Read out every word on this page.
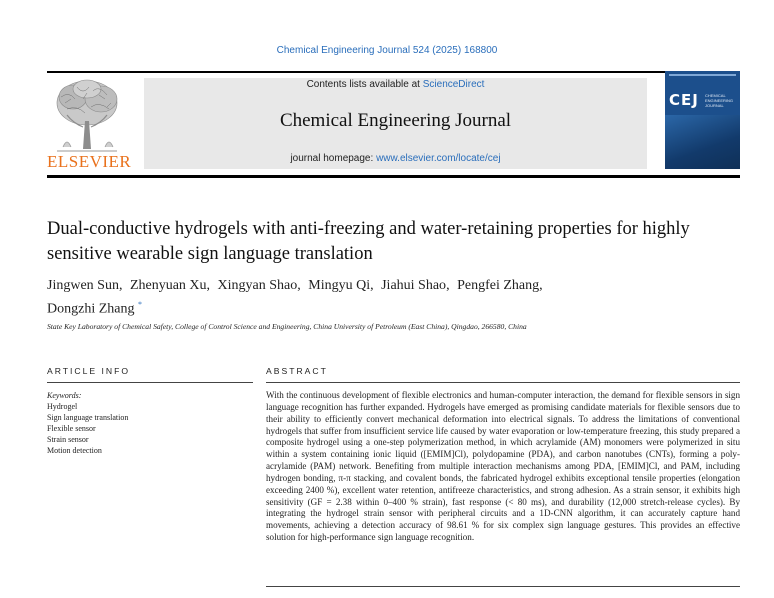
Chemical Engineering Journal 524 (2025) 168800
ELSEVIER
Contents lists available at ScienceDirect
Chemical Engineering Journal
journal homepage: www.elsevier.com/locate/cej
CEJ CHEMICAL ENGINEERING JOURNAL
Dual-conductive hydrogels with anti-freezing and water-retaining properties for highly sensitive wearable sign language translation
Jingwen Sun, Zhenyuan Xu, Xingyan Shao, Mingyu Qi, Jiahui Shao, Pengfei Zhang,
Dongzhi Zhang *
State Key Laboratory of Chemical Safety, College of Control Science and Engineering, China University of Petroleum (East China), Qingdao, 266580, China
ARTICLE INFO	ABSTRACT
Keywords:
Hydrogel
Sign language translation
Flexible sensor
Strain sensor
Motion detection
With the continuous development of flexible electronics and human-computer interaction, the demand for flexible sensors in sign language recognition has further expanded. Hydrogels have emerged as promising candidate materials for flexible sensors due to their ability to efficiently convert mechanical deformation into electrical signals. To address the limitations of conventional hydrogels that suffer from insufficient service life caused by water evaporation or low-temperature freezing, this study prepared a composite hydrogel using a one-step polymerization method, in which acrylamide (AM) monomers were polymerized in situ within a system containing ionic liquid ([EMIM]Cl), polydopamine (PDA), and carbon nanotubes (CNTs), forming a poly-acrylamide (PAM) network. Benefiting from multiple interaction mechanisms among PDA, [EMIM]Cl, and PAM, including hydrogen bonding, π-π stacking, and covalent bonds, the fabricated hydrogel exhibits exceptional tensile properties (elongation exceeding 2400 %), excellent water retention, antifreeze characteristics, and strong adhesion. As a strain sensor, it exhibits high sensitivity (GF = 2.38 within 0–400 % strain), fast response (< 80 ms), and durability (12,000 stretch-release cycles). By integrating the hydrogel strain sensor with peripheral circuits and a 1D-CNN algorithm, it can accurately capture hand movements, achieving a detection accuracy of 98.61 % for six complex sign language gestures. This provides an effective solution for high-performance sign language recognition.
